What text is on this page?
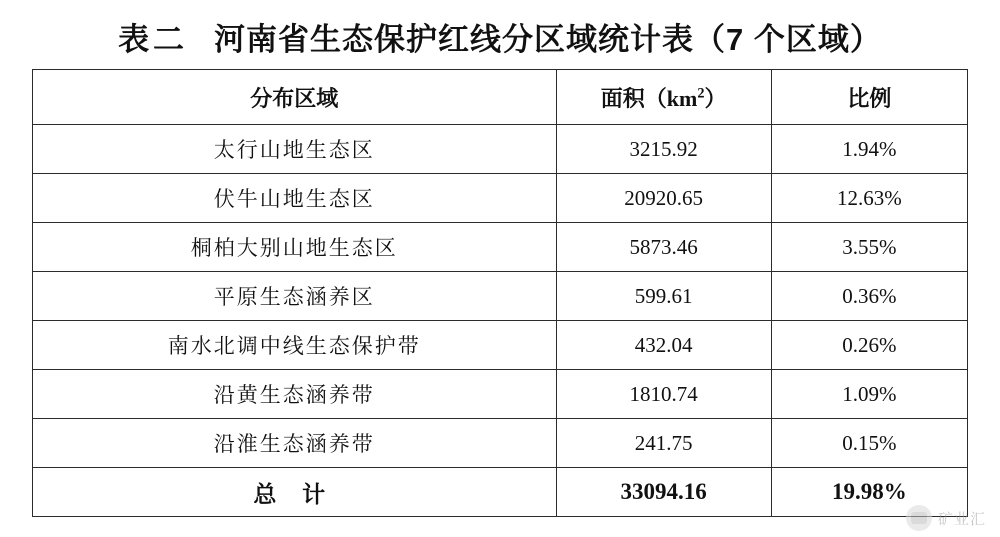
表二 河南省生态保护红线分区域统计表（7 个区域）
分布区域	面积$(km^2)$	比例
太行山地生态区	3215.92	1.94%
伏牛山地生态区	20920.65	12.63%
桐柏大别山地生态区	5873.46	3.55%
平原生态涵养区	599.61	0.36%
南水北调中线生态保护带	432.04	0.26%
沿黄生态涵养带	1810.74	1.09%
沿淮生态涵养带	241.75	0.15%
总 计	33094.16	19.98%
矿业汇
